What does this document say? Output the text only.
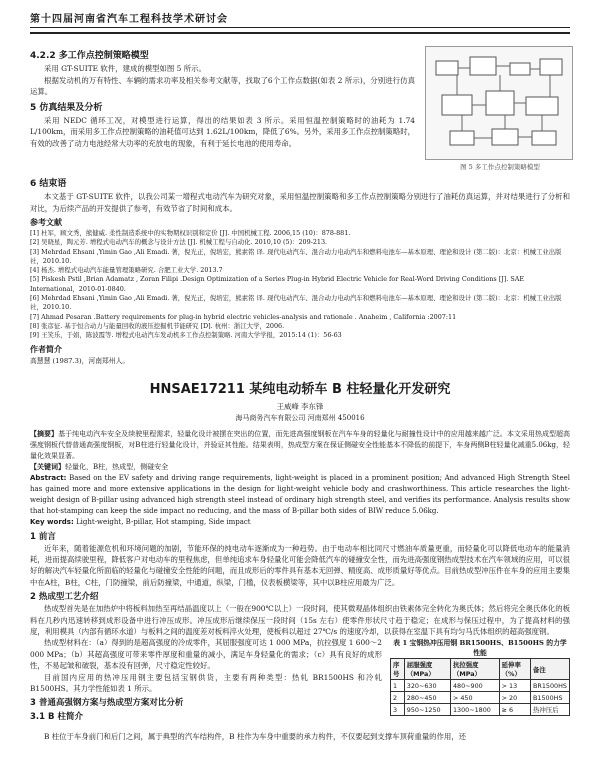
第十四届河南省汽车工程科技学术研讨会
4.2.2 多工作点控制策略模型

采用 GT-SUITE 软件，建成的模型如图 5 所示。

根据发动机的万有特性、车辆的需求功率及相关参考文献等，找取了6个工作点数据(如表 2 所示)，分别进行仿真运算。

5 仿真结果及分析

采用 NEDC 循环工况，对模型进行运算，得出的结果如表 3 所示。采用恒温控制策略时的油耗为 1.74 L/100km，而采用多工作点控制策略的油耗值可达到 1.62L/100km，降低了6%。另外，采用多工作点控制策略时，有效的改善了动力电池经常大功率的充放电的现象，有利于延长电池的使用寿命。

图 5 多工作点控制策略模型
6 结束语

本文基于 GT-SUITE 软件，以我公司某一增程式电动汽车为研究对象，采用恒温控制策略和多工作点控制策略分别进行了油耗仿真运算，并对结果进行了分析和对比，为后续产品的开发提供了参考，有效节省了时间和成本。

参考文献

[1] 杜军，顾文秀，熊健威. 柔性制造系统中的实物期权识别和定价 [J]. 中国机械工程. 2006,15 (10)：878-881.

[2] 吴晓星，陶元芳. 增程式电动汽车的概念与设计方法 [J]. 机械工程与自动化. 2010,10 (5)：209-213.

[3] Mehrdad Ehsani ,Yimin Gao ,Ali Emadi. 著，倪光正，倪培宏，熊素铭 译. 现代电动汽车、混合动力电动汽车和燃料电池车—基本原理、理论和设计 (第二版)：北京：机械工业出版社，2010.10.

[4] 杨杰. 增程式电动汽车能量管理策略研究. 合肥工业大学. 2013.7

[5] Piskesh Pstil ,Brian Adamatz , Zoran Filipi .Design Optimization of a Series Plug-in Hybrid Electric Vehicle for Real-Word Driving Conditions [J]. SAE International，2010-01-0840.

[6] Mehrdad Ehsani ,Yimin Gao ,Ali Emadi. 著，倪光正，倪培宏，熊素铭 译. 现代电动汽车、混合动力电动汽车和燃料电池车—基本原理、理论和设计 (第二版)：北京：机械工业出版社，2010.10.

[7] Ahmad Pesaran .Battery requirements for plug-in hybrid electric vehicles-analysis and rationale . Anaheim , California :2007:11

[8] 张彦征. 基于恒合动力与能量回收的液压挖掘机节能研究 [D]. 杭州：浙江大学，2006.

[9] 王笑乐，于娟，陈波霞等. 增程式电动汽车发动机多工作点控制策略. 河南大学学报，2015:14 (1)：56-63

作者简介

高慧慧 (1987.3)，河南郑州人。

HNSAE17211 某纯电动轿车 B 柱轻量化开发研究

王威峰 李东锋

海马商务汽车有限公司 河南郑州 450016

【摘要】基于纯电动汽车安全及续驶里程需求，轻量化设计被摆在突出的位置，而先进高强度钢板在汽车车身的轻量化与耐撞性设计中的应用越来越广泛。本文采用热成型超高强度钢板代替普通高强度钢板，对B柱进行轻量化设计，并验证其性能。结果表明，热成型方案在保证侧碰安全性能基本不降低的前提下，车身两侧B柱轻量化减重5.06kg，轻量化效果显著。

【关键词】轻量化，B柱，热成型，侧碰安全

Abstract: Based on the EV safety and driving range requirements, light-weight is placed in a prominent position; And advanced High Strength Steel has gained more and more extensive applications in the design for light-weight vehicle body and crashworthiness. This article researches the light-weight design of B-pillar using advanced high strength steel instead of ordinary high strength steel, and verifies its performance. Analysis results show that hot-stamping can keep the side impact no reducing, and the mass of B-pillar both sides of BIW reduce 5.06kg.

Key words: Light-weight, B-pillar, Hot stamping, Side impact

1 前言

近年来，随着能源危机和环境问题的加剧，节能环保的纯电动车逐渐成为一种趋势。由于电动车相比同尺寸燃油车质量更重，而轻量化可以降低电动车的能量消耗，进而提高续驶里程，降低客户对电动车的里程焦虑，但单纯追求车身轻量化可能会降低汽车的碰撞安全性，而先进高强度钢热成型技术在汽车领域的应用，可以很好的解决汽车轻量化所面临的轻量化与碰撞安全性能的问题，而且成形后的零件具有基本无回弹、精度高、成形质量好等优点。目前热成型冲压件在车身的应用主要集中在A柱，B柱，C柱，门防撞梁，前后防撞梁，中通道，纵梁，门槛，仪表板横梁等，其中以B柱应用最为广泛。

2 热成型工艺介绍

热成型首先是在加热炉中将板料加热至再结晶温度以上（一般在900℃以上）一段时间，使其微观晶体组织由铁素体完全转化为奥氏体；然后将完全奥氏体化的板料在几秒内迅速转移到成形设备中进行冲压成形。冲压成形后继续保压一段时间（15s 左右）使零件形状尺寸趋于稳定；在成形与保压过程中，为了提高材料的强度，利用模具（内部有循环水道）与板料之间的温度差对板料淬火处理，使板料以超过 27℃/s 的速度冷却，以获得在室温下具有均匀马氏体组织的超高强度钢。

热成型材料在：（a）得到的是超高强度的冷成零件，其屈服强度可达 1 000 MPa，抗拉强度 1 600～2 000 MPa；（b）其超高强度可带来零件厚度和重量的减小，满足车身轻量化的需求；（c）具有良好的成形性，不易起皱和破裂，基本没有回弹，尺寸稳定性较好。

目前国内应用的热冲压用钢主要包括宝钢供货，主要有两种类型：热轧 BR1500HS 和冷轧 B1500HS。其力学性能如表 1 所示。

3 普通高强钢方案与热成型方案对比分析
3.1 B 柱简介
表 1 宝钢热冲压用钢 BR1500HS、B1500HS 的力学性能
序号	屈服强度（MPa）	抗拉强度（MPa）	延伸率（%）	备注
1	320~630	480~900	> 13	BR1500HS
2	280~450	> 450	> 20	B1500HS
3	950~1250	1300~1800	≥ 6	热冲压后

B 柱位于车身前门和后门之间，属于典型的汽车结构件，B 柱作为车身中重要的承力构件，不仅要起到支撑车顶荷重量的作用，还
